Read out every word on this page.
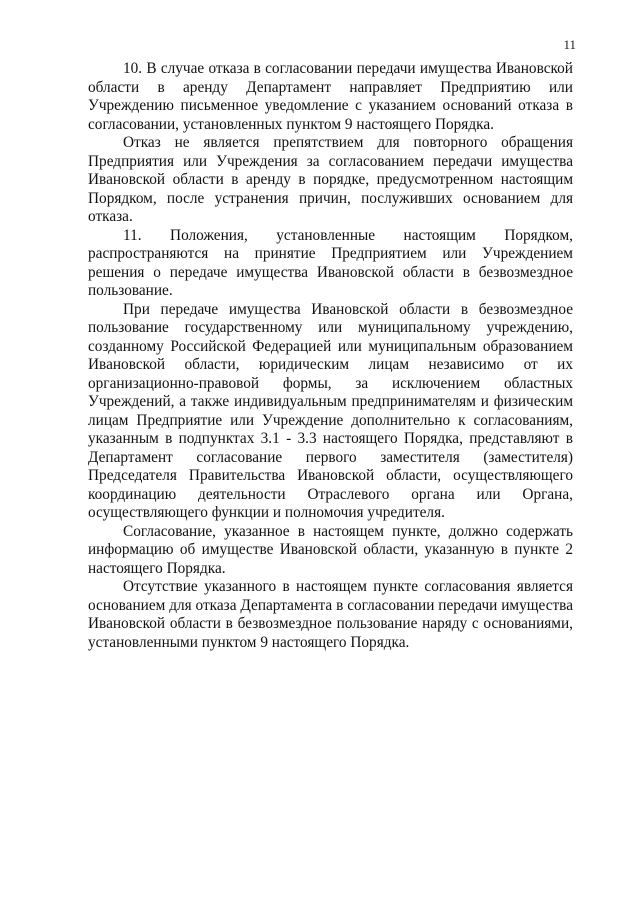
11

10. В случае отказа в согласовании передачи имущества Ивановской области в аренду Департамент направляет Предприятию или Учреждению письменное уведомление с указанием оснований отказа в согласовании, установленных пунктом 9 настоящего Порядка.

Отказ не является препятствием для повторного обращения Предприятия или Учреждения за согласованием передачи имущества Ивановской области в аренду в порядке, предусмотренном настоящим Порядком, после устранения причин, послуживших основанием для отказа.

11. Положения, установленные настоящим Порядком, распространяются на принятие Предприятием или Учреждением решения о передаче имущества Ивановской области в безвозмездное пользование.

При передаче имущества Ивановской области в безвозмездное пользование государственному или муниципальному учреждению, созданному Российской Федерацией или муниципальным образованием Ивановской области, юридическим лицам независимо от их организационно-правовой формы, за исключением областных Учреждений, а также индивидуальным предпринимателям и физическим лицам Предприятие или Учреждение дополнительно к согласованиям, указанным в подпунктах 3.1 - 3.3 настоящего Порядка, представляют в Департамент согласование первого заместителя (заместителя) Председателя Правительства Ивановской области, осуществляющего координацию деятельности Отраслевого органа или Органа, осуществляющего функции и полномочия учредителя.

Согласование, указанное в настоящем пункте, должно содержать информацию об имуществе Ивановской области, указанную в пункте 2 настоящего Порядка.

Отсутствие указанного в настоящем пункте согласования является основанием для отказа Департамента в согласовании передачи имущества Ивановской области в безвозмездное пользование наряду с основаниями, установленными пунктом 9 настоящего Порядка.
